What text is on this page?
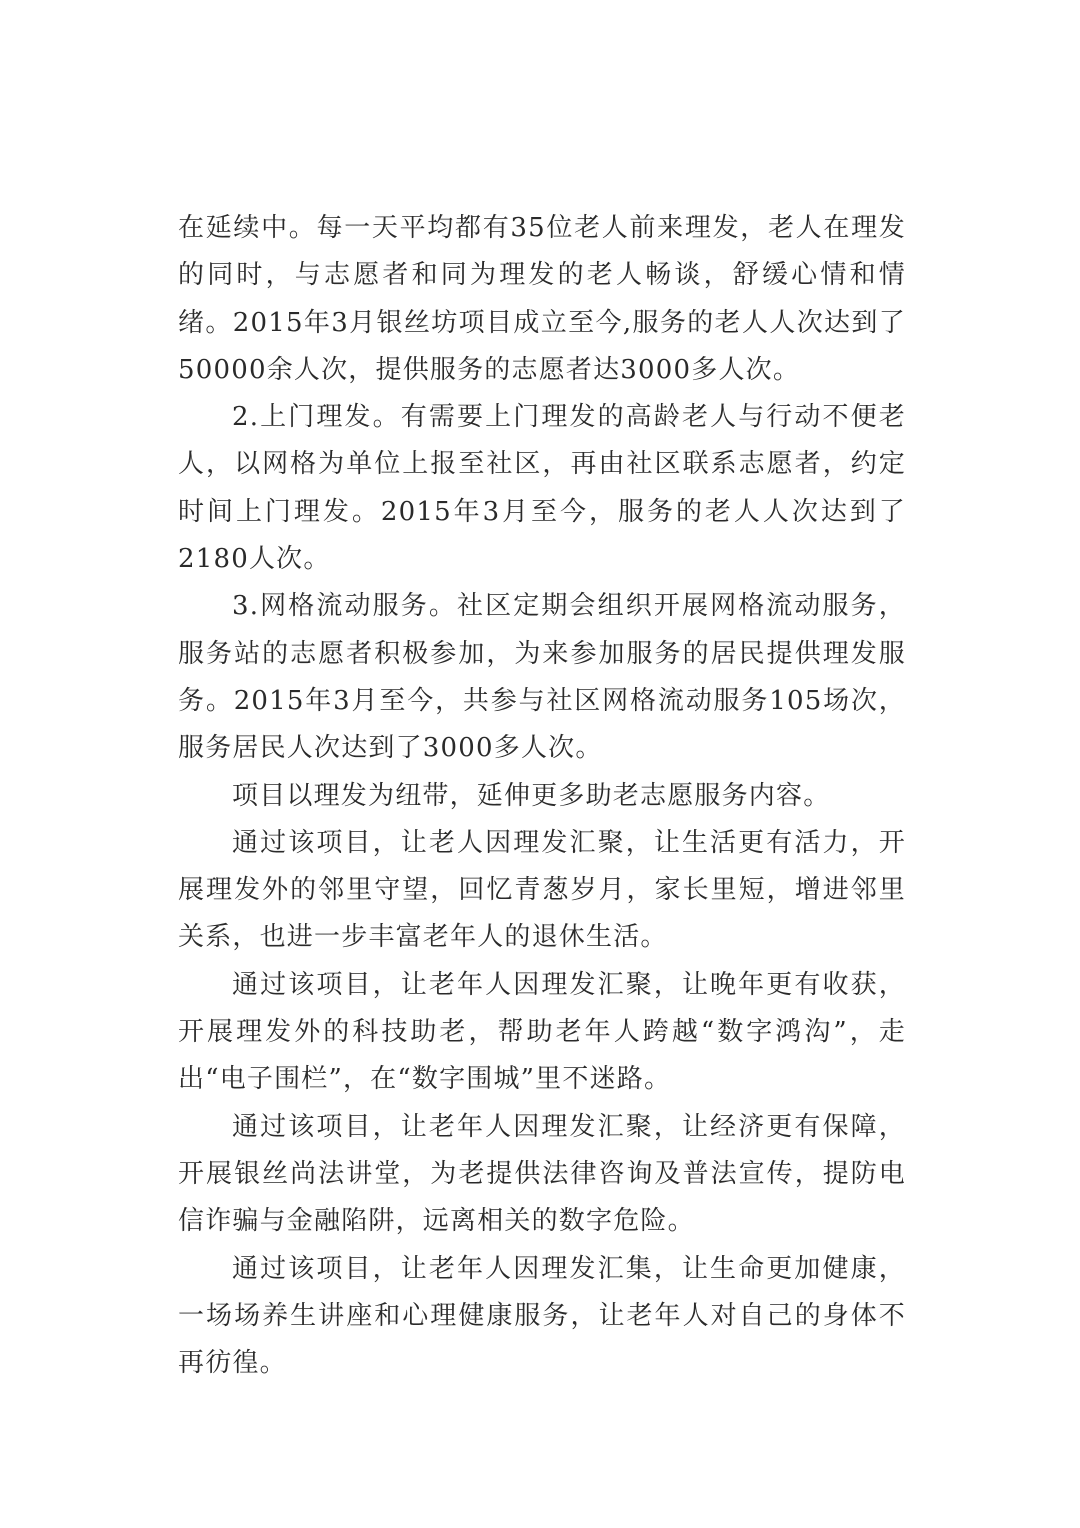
在延续中。每一天平均都有35位老人前来理发，老人在理发的同时，与志愿者和同为理发的老人畅谈，舒缓心情和情绪。2015年3月银丝坊项目成立至今,服务的老人人次达到了50000余人次，提供服务的志愿者达3000多人次。

2.上门理发。有需要上门理发的高龄老人与行动不便老人，以网格为单位上报至社区，再由社区联系志愿者，约定时间上门理发。2015年3月至今，服务的老人人次达到了2180人次。

3.网格流动服务。社区定期会组织开展网格流动服务，服务站的志愿者积极参加，为来参加服务的居民提供理发服务。2015年3月至今，共参与社区网格流动服务105场次，服务居民人次达到了3000多人次。

项目以理发为纽带，延伸更多助老志愿服务内容。

通过该项目，让老人因理发汇聚，让生活更有活力，开展理发外的邻里守望，回忆青葱岁月，家长里短，增进邻里关系，也进一步丰富老年人的退休生活。

通过该项目，让老年人因理发汇聚，让晚年更有收获，开展理发外的科技助老，帮助老年人跨越“数字鸿沟”，走出“电子围栏”，在“数字围城”里不迷路。

通过该项目，让老年人因理发汇聚，让经济更有保障，开展银丝尚法讲堂，为老提供法律咨询及普法宣传，提防电信诈骗与金融陷阱，远离相关的数字危险。

通过该项目，让老年人因理发汇集，让生命更加健康，一场场养生讲座和心理健康服务，让老年人对自己的身体不再彷徨。
